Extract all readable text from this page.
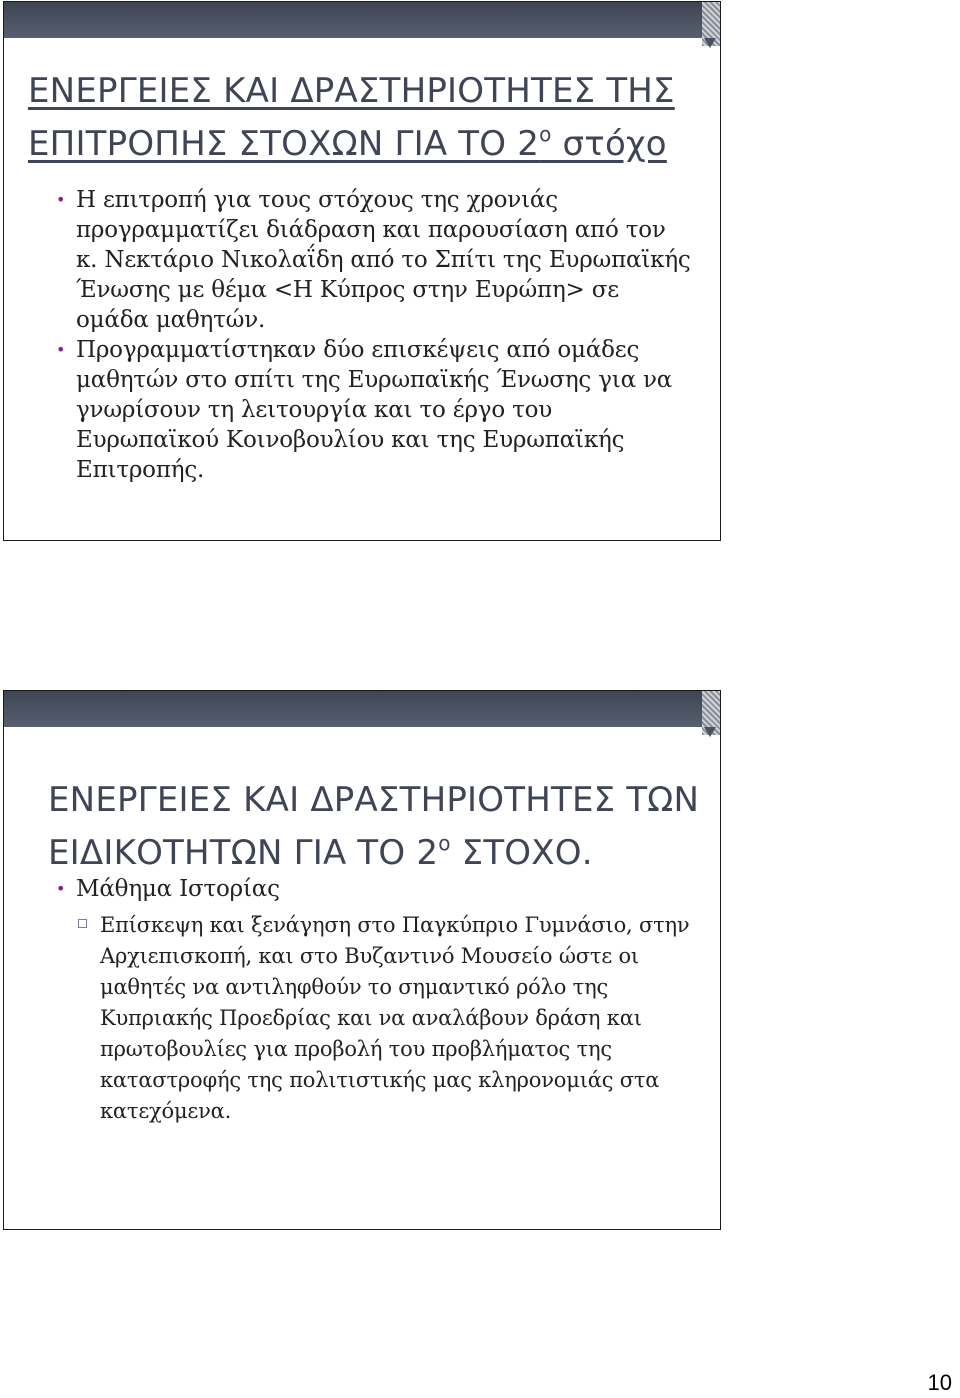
ΕΝΕΡΓΕΙΕΣ ΚΑΙ ΔΡΑΣΤΗΡΙΟΤΗΤΕΣ ΤΗΣ ΕΠΙΤΡΟΠΗΣ ΣΤΟΧΩΝ ΓΙΑ ΤΟ $2^o$ στόχο
• Η επιτροπή για τους στόχους της χρονιάς προγραμματίζει διάδραση και παρουσίαση από τον κ. Νεκτάριο Νικολαΐδη από το Σπίτι της Ευρωπαϊκής Ένωσης με θέμα <Η Κύπρος στην Ευρώπη> σε ομάδα μαθητών.
• Προγραμματίστηκαν δύο επισκέψεις από ομάδες μαθητών στο σπίτι της Ευρωπαϊκής Ένωσης για να γνωρίσουν τη λειτουργία και το έργο του Ευρωπαϊκού Κοινοβουλίου και της Ευρωπαϊκής Επιτροπής.
ΕΝΕΡΓΕΙΕΣ ΚΑΙ ΔΡΑΣΤΗΡΙΟΤΗΤΕΣ ΤΩΝ ΕΙΔΙΚΟΤΗΤΩΝ ΓΙΑ ΤΟ $2^o$ ΣΤΟΧΟ.
• Μάθημα Ιστορίας
Επίσκεψη και ξενάγηση στο Παγκύπριο Γυμνάσιο, στην Αρχιεπισκοπή, και στο Βυζαντινό Μουσείο ώστε οι μαθητές να αντιληφθούν το σημαντικό ρόλο της Κυπριακής Προεδρίας και να αναλάβουν δράση και πρωτοβουλίες για προβολή του προβλήματος της καταστροφής της πολιτιστικής μας κληρονομιάς στα κατεχόμενα.
10
